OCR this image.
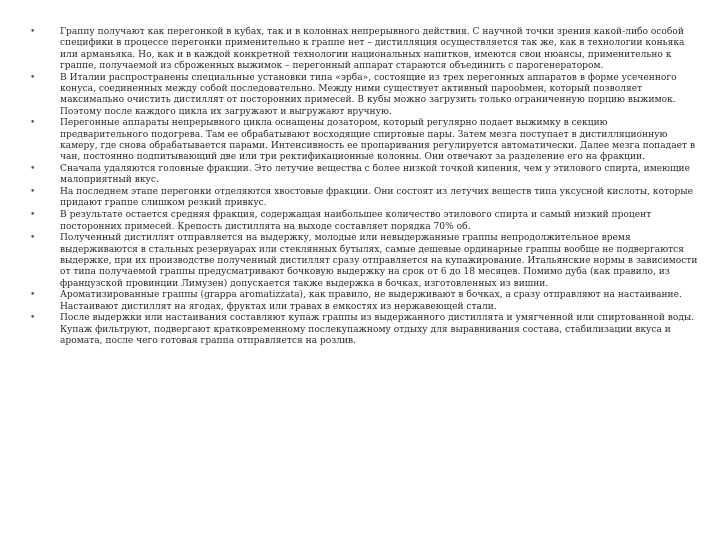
•	Граппу получают как перегонкой в кубах, так и в колоннах непрерывного действия. С научной точки зрения какой-либо особой специфики в процессе перегонки применительно к граппе нет – дистилляция осуществляется так же, как в технологии коньяка или арманьяка. Но, как и в каждой конкретной технологии национальных напитков, имеются свои нюансы, применительно к граппе, получаемой из сброженных выжимок – перегонный аппарат стараются объединить с парогенератором.
•	В Италии распространены специальные установки типа «эрба», состоящие из трех перегонных аппаратов в форме усеченного конуса, соединенных между собой последовательно. Между ними существует активный пароobмен, который позволяет максимально очистить дистиллят от посторонних примесей. В кубы можно загрузить только ограниченную порцию выжимок. Поэтому после каждого цикла их загружают и выгружают вручную.
•	Перегонные аппараты непрерывного цикла оснащены дозатором, который регулярно подает выжимку в секцию предварительного подогрева. Там ее обрабатывают восходящие спиртовые пары. Затем мезга поступает в дистилляционную камеру, где снова обрабатывается парами. Интенсивность ее пропаривания регулируется автоматически. Далее мезга попадает в чан, постоянно подпитывающий две или три ректификационные колонны. Они отвечают за разделение его на фракции.
•	Сначала удаляются головные фракции. Это летучие вещества с более низкой точкой кипения, чем у этилового спирта, имеющие малоприятный вкус.
•	На последнем этапе перегонки отделяются хвостовые фракции. Они состоят из летучих веществ типа уксусной кислоты, которые придают граппе слишком резкий привкус.
•	В результате остается средняя фракция, содержащая наибольшее количество этилового спирта и самый низкий процент посторонних примесей. Крепость дистиллята на выходе составляет порядка 70% об.
•	Полученный дистиллят отправляется на выдержку, молодые или невыдержанные граппы непродолжительное время выдерживаются в стальных резервуарах или стеклянных бутылях, самые дешевые ординарные граппы вообще не подвергаются выдержке, при их производстве полученный дистиллят сразу отправляется на купажирование. Итальянские нормы в зависимости от типа получаемой граппы предусматривают бочковую выдержку на срок от 6 до 18 месяцев. Помимо дуба (как правило, из французской провинции Лимузен) допускается также выдержка в бочках, изготовленных из вишни.
•	Ароматизированные граппы (grappa aromatizzata), как правило, не выдерживают в бочках, а сразу отправляют на настаивание. Настаивают дистиллят на ягодах, фруктах или травах в емкостях из нержавеющей стали.
•	После выдержки или настаивания составляют купаж граппы из выдержанного дистиллята и умягченной или спиртованной воды. Купаж фильтруют, подвергают кратковременному послекупажному отдыху для выравнивания состава, стабилизации вкуса и аромата, после чего готовая граппа отправляется на розлив.
